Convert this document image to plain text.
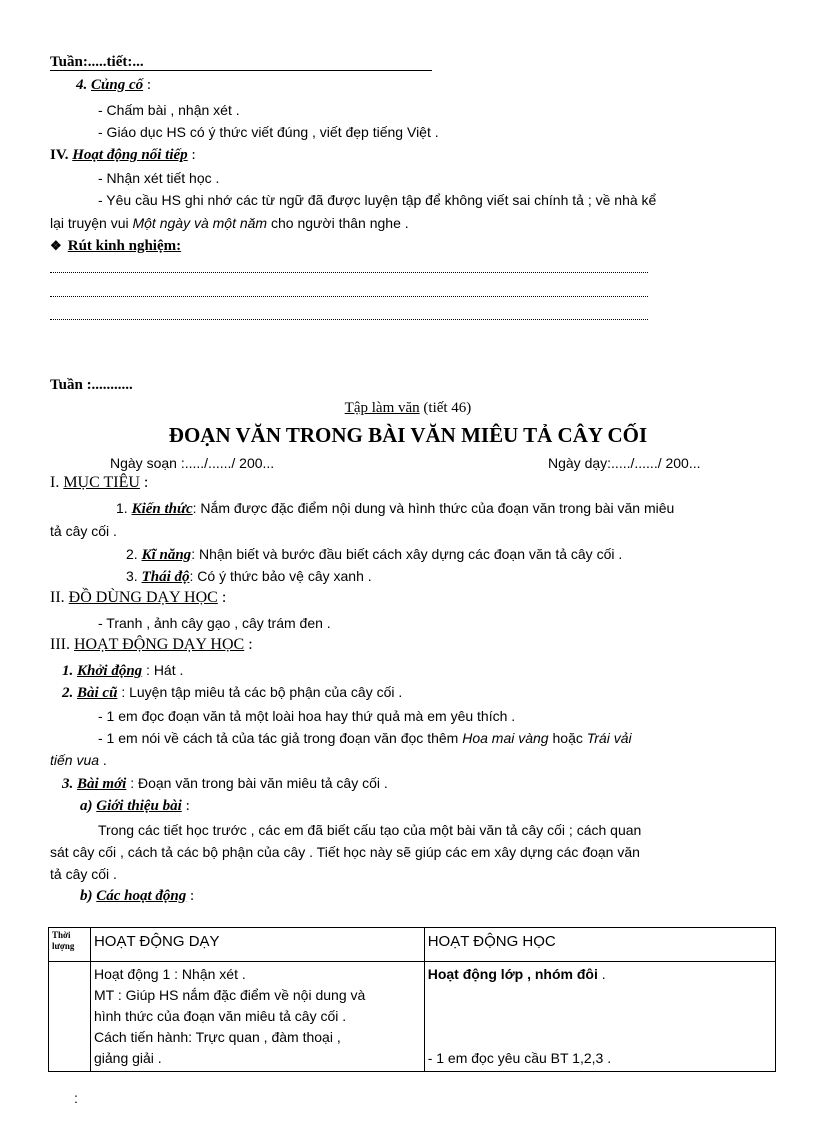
Tuần:.....tiết:...
4. Củng cố :
- Chấm bài , nhận xét .
- Giáo dục HS có ý thức viết đúng , viết đẹp tiếng Việt .
IV. Hoạt động nối tiếp :
- Nhận xét tiết học .
- Yêu cầu HS ghi nhớ các từ ngữ đã được luyện tập để không viết sai chính tả ; về nhà kể
lại truyện vui Một ngày và một năm cho người thân nghe .
❖ Rút kinh nghiệm:
Tuần :...........
Tập làm văn (tiết 46)
ĐOẠN VĂN TRONG BÀI VĂN MIÊU TẢ CÂY CỐI
Ngày soạn :...../....../ 200...	Ngày dạy:...../....../ 200...
I. MỤC TIÊU :
1. Kiến thức: Nắm được đặc điểm nội dung và hình thức của đoạn văn trong bài văn miêu
tả cây cối .
2. Kĩ năng: Nhận biết và bước đầu biết cách xây dựng các đoạn văn tả cây cối .
3. Thái độ: Có ý thức bảo vệ cây xanh .
II. ĐỒ DÙNG DẠY HỌC :
- Tranh , ảnh cây gạo , cây trám đen .
III. HOẠT ĐỘNG DẠY HỌC :
1. Khởi động : Hát .
2. Bài cũ : Luyện tập miêu tả các bộ phận của cây cối .
- 1 em đọc đoạn văn tả một loài hoa hay thứ quả mà em yêu thích .
- 1 em nói về cách tả của tác giả trong đoạn văn đọc thêm Hoa mai vàng hoặc Trái vải
tiến vua .
3. Bài mới : Đoạn văn trong bài văn miêu tả cây cối .
a) Giới thiệu bài :
Trong các tiết học trước , các em đã biết cấu tạo của một bài văn tả cây cối ; cách quan
sát cây cối , cách tả các bộ phận của cây . Tiết học này sẽ giúp các em xây dựng các đoạn văn
tả cây cối .
b) Các hoạt động :
Thời lượng	HOẠT ĐỘNG DẠY	HOẠT ĐỘNG HỌC

	Hoạt động 1 : Nhận xét .
MT : Giúp HS nắm đặc điểm về nội dung và
hình thức của đoạn văn miêu tả cây cối .
Cách tiến hành: Trực quan , đàm thoại ,
giảng giải .	Hoạt động lớp , nhóm đôi .

- 1 em đọc yêu cầu BT 1,2,3 .
:
